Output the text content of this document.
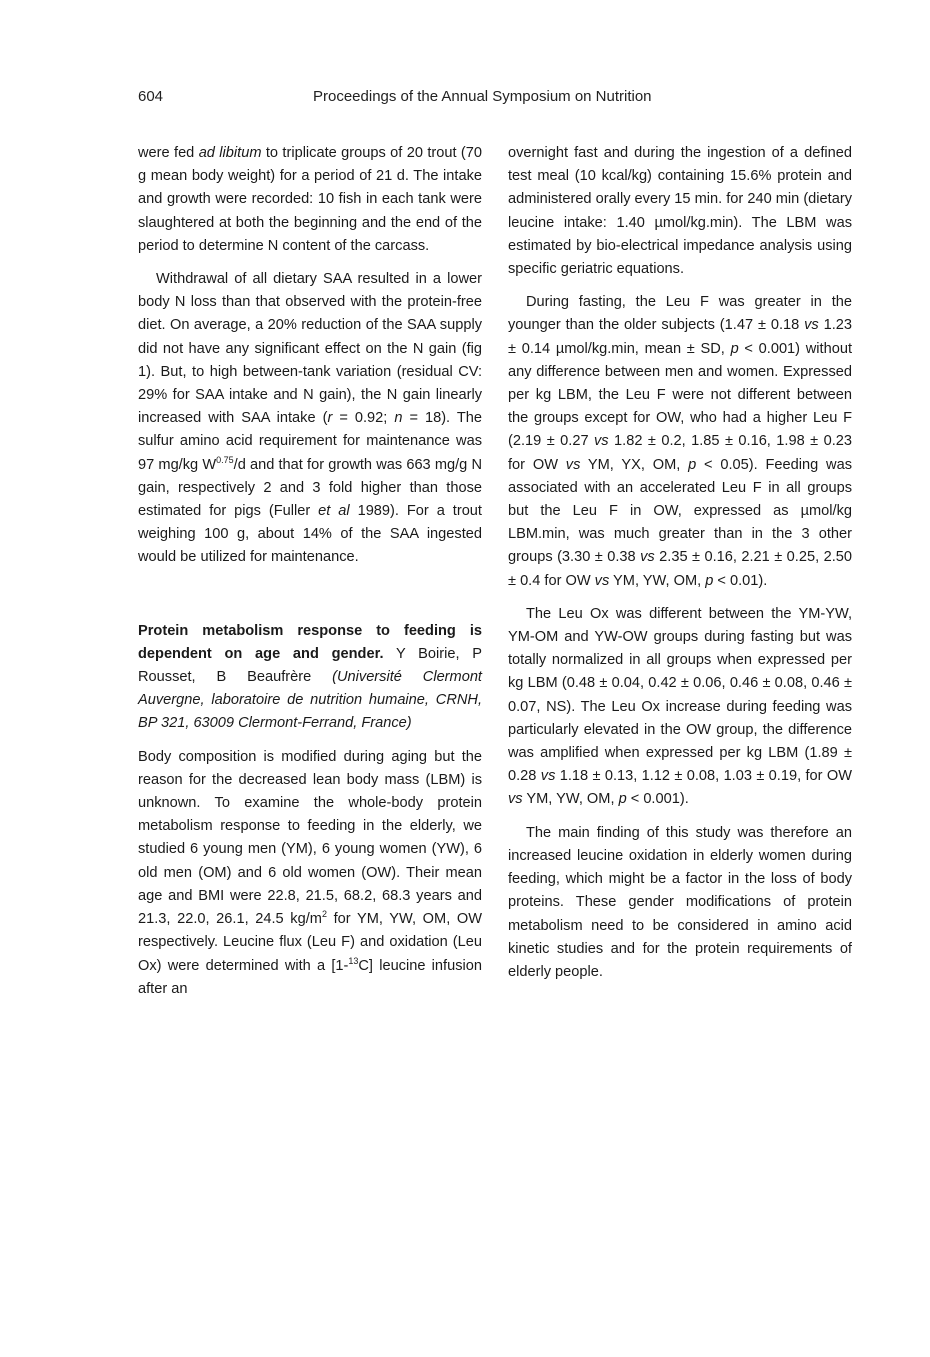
604	Proceedings of the Annual Symposium on Nutrition

were fed ad libitum to triplicate groups of 20 trout (70 g mean body weight) for a period of 21 d. The intake and growth were recorded: 10 fish in each tank were slaughtered at both the beginning and the end of the period to determine N content of the carcass.

Withdrawal of all dietary SAA resulted in a lower body N loss than that observed with the protein-free diet. On average, a 20% reduction of the SAA supply did not have any significant effect on the N gain (fig 1). But, to high between-tank variation (residual CV: 29% for SAA intake and N gain), the N gain linearly increased with SAA intake (r = 0.92; n = 18). The sulfur amino acid requirement for maintenance was 97 mg/kg $W^{0.75}/d$ and that for growth was 663 mg/g N gain, respectively 2 and 3 fold higher than those estimated for pigs (Fuller et al 1989). For a trout weighing 100 g, about 14% of the SAA ingested would be utilized for maintenance.

Protein metabolism response to feeding is dependent on age and gender. Y Boirie, P Rousset, B Beaufrère (Université Clermont Auvergne, laboratoire de nutrition humaine, CRNH, BP 321, 63009 Clermont-Ferrand, France)

Body composition is modified during aging but the reason for the decreased lean body mass (LBM) is unknown. To examine the whole-body protein metabolism response to feeding in the elderly, we studied 6 young men (YM), 6 young women (YW), 6 old men (OM) and 6 old women (OW). Their mean age and BMI were 22.8, 21.5, 68.2, 68.3 years and 21.3, 22.0, 26.1, 24.5 $kg/m^2$ for YM, YW, OM, OW respectively. Leucine flux (Leu F) and oxidation (Leu Ox) were determined with a [1-$^{13}$C] leucine infusion after an

overnight fast and during the ingestion of a defined test meal (10 kcal/kg) containing 15.6% protein and administered orally every 15 min. for 240 min (dietary leucine intake: 1.40 µmol/kg.min). The LBM was estimated by bio-electrical impedance analysis using specific geriatric equations.

During fasting, the Leu F was greater in the younger than the older subjects (1.47 ± 0.18 vs 1.23 ± 0.14 µmol/kg.min, mean ± SD, p < 0.001) without any difference between men and women. Expressed per kg LBM, the Leu F were not different between the groups except for OW, who had a higher Leu F (2.19 ± 0.27 vs 1.82 ± 0.2, 1.85 ± 0.16, 1.98 ± 0.23 for OW vs YM, YX, OM, p < 0.05). Feeding was associated with an accelerated Leu F in all groups but the Leu F in OW, expressed as µmol/kg LBM.min, was much greater than in the 3 other groups (3.30 ± 0.38 vs 2.35 ± 0.16, 2.21 ± 0.25, 2.50 ± 0.4 for OW vs YM, YW, OM, p < 0.01).

The Leu Ox was different between the YM-YW, YM-OM and YW-OW groups during fasting but was totally normalized in all groups when expressed per kg LBM (0.48 ± 0.04, 0.42 ± 0.06, 0.46 ± 0.08, 0.46 ± 0.07, NS). The Leu Ox increase during feeding was particularly elevated in the OW group, the difference was amplified when expressed per kg LBM (1.89 ± 0.28 vs 1.18 ± 0.13, 1.12 ± 0.08, 1.03 ± 0.19, for OW vs YM, YW, OM, p < 0.001).

The main finding of this study was therefore an increased leucine oxidation in elderly women during feeding, which might be a factor in the loss of body proteins. These gender modifications of protein metabolism need to be considered in amino acid kinetic studies and for the protein requirements of elderly people.
